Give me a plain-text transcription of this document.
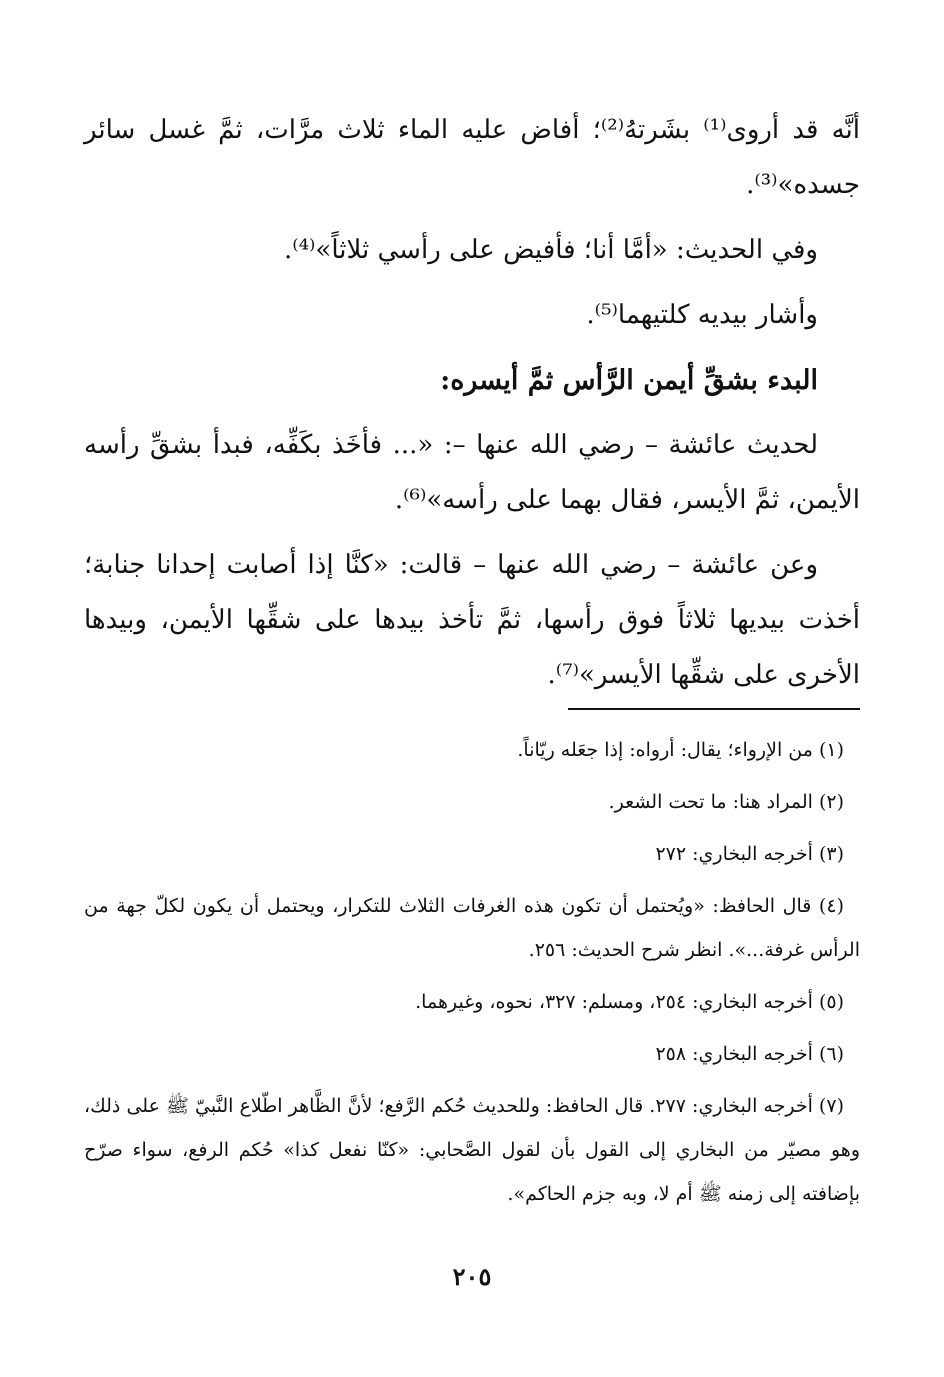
أنَّه قد أروى⁽¹⁾ بشَرتهُ⁽²⁾؛ أفاض عليه الماء ثلاث مرَّات، ثمَّ غسل سائر جسده»⁽³⁾.

وفي الحديث: «أمَّا أنا؛ فأفيض على رأسي ثلاثاً»⁽⁴⁾.

وأشار بيديه كلتيهما⁽⁵⁾.

البدء بشقِّ أيمن الرَّأس ثمَّ أيسره:

لحديث عائشة – رضي الله عنها –: «... فأخَذ بكَفِّه، فبدأ بشقِّ رأسه الأيمن، ثمَّ الأيسر، فقال بهما على رأسه»⁽⁶⁾.

وعن عائشة – رضي الله عنها – قالت: «كنَّا إذا أصابت إحدانا جنابة؛ أخذت بيديها ثلاثاً فوق رأسها، ثمَّ تأخذ بيدها على شقِّها الأيمن، وبيدها الأخرى على شقِّها الأيسر»⁽⁷⁾.

(١) من الإرواء؛ يقال: أرواه: إذا جعَله ريّاناً.

(٢) المراد هنا: ما تحت الشعر.

(٣) أخرجه البخاري: ٢٧٢

(٤) قال الحافظ: «ويُحتمل أن تكون هذه الغرفات الثلاث للتكرار، ويحتمل أن يكون لكلّ جهة من الرأس غرفة...». انظر شرح الحديث: ٢٥٦.

(٥) أخرجه البخاري: ٢٥٤، ومسلم: ٣٢٧، نحوه، وغيرهما.

(٦) أخرجه البخاري: ٢٥٨

(٧) أخرجه البخاري: ٢٧٧. قال الحافظ: وللحديث حُكم الرَّفع؛ لأنَّ الظَّاهر اطّلاع النَّبيّ ﷺ على ذلك، وهو مصيّر من البخاري إلى القول بأن لقول الصَّحابي: «كنّا نفعل كذا» حُكم الرفع، سواء صرّح بإضافته إلى زمنه ﷺ أم لا، وبه جزم الحاكم».

٢٠٥
